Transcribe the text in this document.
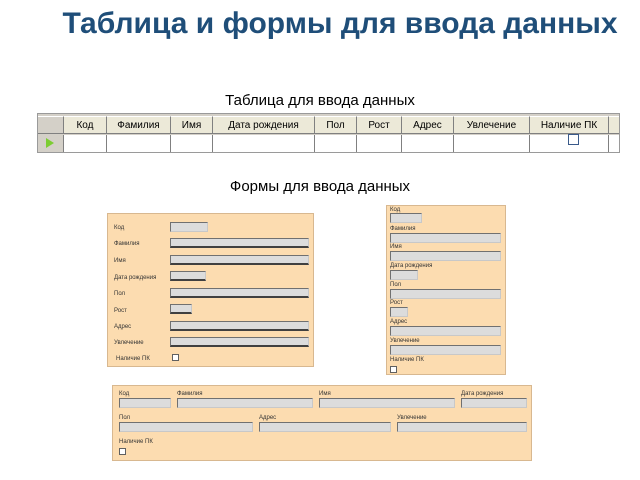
Таблица и формы для ввода данных
Таблица для ввода данных
Код	Фамилия	Имя	Дата рождения	Пол	Рост	Адрес	Увлечение	Наличие ПК
Формы для ввода данных
Код
Фамилия
Имя
Дата рождения
Пол
Рост
Адрес
Увлечение
Наличие ПК
Код
Фамилия
Имя
Дата рождения
Пол
Рост
Адрес
Увлечение
Наличие ПК
Код	Фамилия	Имя	Дата рождения
Пол	Адрес	Увлечение
Наличие ПК
